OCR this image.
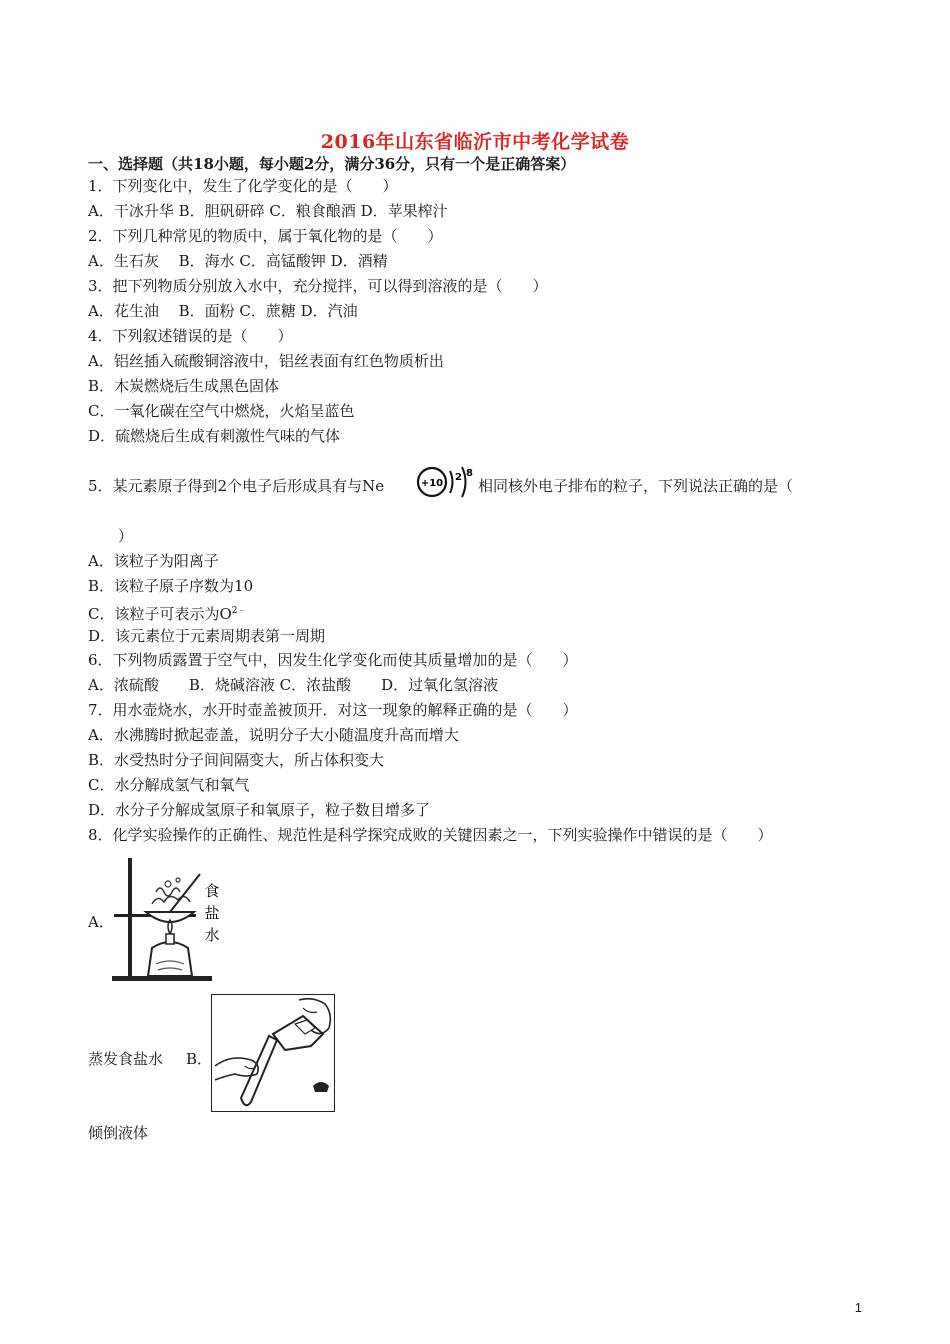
2016年山东省临沂市中考化学试卷
一、选择题（共18小题，每小题2分，满分36分，只有一个是正确答案）
1．下列变化中，发生了化学变化的是（　　）
A．干冰升华 B．胆矾研碎 C．粮食酿酒 D．苹果榨汁
2．下列几种常见的物质中，属于氧化物的是（　　）
A．生石灰　 B．海水 C．高锰酸钾 D．酒精
3．把下列物质分别放入水中，充分搅拌，可以得到溶液的是（　　）
A．花生油　 B．面粉 C．蔗糖 D．汽油
4．下列叙述错误的是（　　）
A．铝丝插入硫酸铜溶液中，铝丝表面有红色物质析出
B．木炭燃烧后生成黑色固体
C．一氧化碳在空气中燃烧，火焰呈蓝色
D．硫燃烧后生成有刺激性气味的气体
5．某元素原子得到2个电子后形成具有与Ne	+10
2 8
相同核外电子排布的粒子，下列说法正确的是（
）
A．该粒子为阳离子
B．该粒子原子序数为10
C．该粒子可表示为$O^{2﹣}$
D．该元素位于元素周期表第一周期
6．下列物质露置于空气中，因发生化学变化而使其质量增加的是（　　）
A．浓硫酸　　B．烧碱溶液 C．浓盐酸　　D．过氧化氢溶液
7．用水壶烧水，水开时壶盖被顶开．对这一现象的解释正确的是（　　）
A．水沸腾时掀起壶盖，说明分子大小随温度升高而增大
B．水受热时分子间间隔变大，所占体积变大
C．水分解成氢气和氧气
D．水分子分解成氢原子和氧原子，粒子数目增多了
8．化学实验操作的正确性、规范性是科学探究成败的关键因素之一，下列实验操作中错误的是（　　）
A．
食
盐
水
蒸发食盐水 B．
倾倒液体
1
